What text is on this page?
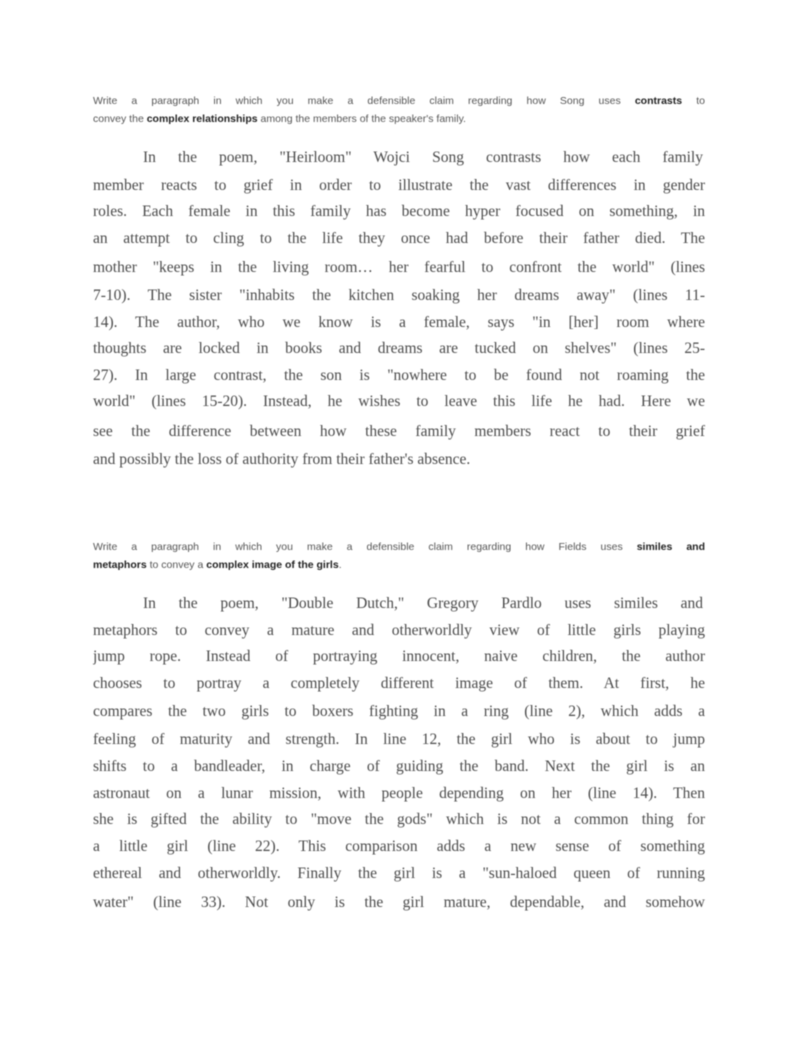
Write a paragraph in which you make a defensible claim regarding how Song uses contrasts to
convey the complex relationships among the members of the speaker's family.
In the poem, "Heirloom" Wojci Song contrasts how each family
member reacts to grief in order to illustrate the vast differences in gender
roles. Each female in this family has become hyper focused on something, in
an attempt to cling to the life they once had before their father died. The
mother "keeps in the living room… her fearful to confront the world" (lines
7-10). The sister "inhabits the kitchen soaking her dreams away" (lines 11-
14). The author, who we know is a female, says "in [her] room where
thoughts are locked in books and dreams are tucked on shelves" (lines 25-
27). In large contrast, the son is "nowhere to be found not roaming the
world" (lines 15-20). Instead, he wishes to leave this life he had. Here we
see the difference between how these family members react to their grief
and possibly the loss of authority from their father's absence.
Write a paragraph in which you make a defensible claim regarding how Fields uses similes and
metaphors to convey a complex image of the girls.
In the poem, "Double Dutch," Gregory Pardlo uses similes and
metaphors to convey a mature and otherworldly view of little girls playing
jump rope. Instead of portraying innocent, naive children, the author
chooses to portray a completely different image of them. At first, he
compares the two girls to boxers fighting in a ring (line 2), which adds a
feeling of maturity and strength. In line 12, the girl who is about to jump
shifts to a bandleader, in charge of guiding the band. Next the girl is an
astronaut on a lunar mission, with people depending on her (line 14). Then
she is gifted the ability to "move the gods" which is not a common thing for
a little girl (line 22). This comparison adds a new sense of something
ethereal and otherworldly. Finally the girl is a "sun-haloed queen of running
water" (line 33). Not only is the girl mature, dependable, and somehow
